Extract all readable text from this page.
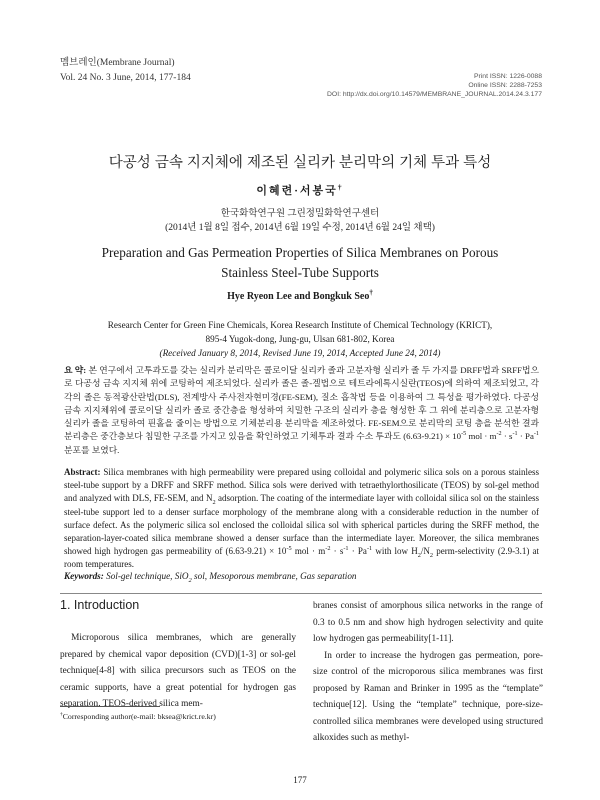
멤브레인(Membrane Journal)
Vol. 24 No. 3 June, 2014, 177-184	Print ISSN: 1226-0088
Online ISSN: 2288-7253
DOI: http://dx.doi.org/10.14579/MEMBRANE_JOURNAL.2014.24.3.177
다공성 금속 지지체에 제조된 실리카 분리막의 기체 투과 특성
이혜련·서봉국†
한국화학연구원 그린정밀화학연구센터
(2014년 1월 8일 접수, 2014년 6월 19일 수정, 2014년 6월 24일 채택)
Preparation and Gas Permeation Properties of Silica Membranes on Porous Stainless Steel-Tube Supports
Hye Ryeon Lee and Bongkuk Seo†
Research Center for Green Fine Chemicals, Korea Research Institute of Chemical Technology (KRICT),
895-4 Yugok-dong, Jung-gu, Ulsan 681-802, Korea
(Received January 8, 2014, Revised June 19, 2014, Accepted June 24, 2014)
요 약: 본 연구에서 고투과도를 갖는 실리카 분리막은 콜로이달 실리카 졸과 고분자형 실리카 졸 두 가지를 DRFF법과 SRFF법으로 다공성 금속 지지체 위에 코팅하여 제조되었다. 실리카 졸은 졸-겔법으로 테트라에톡시실란(TEOS)에 의하여 제조되었고, 각각의 졸은 동적광산란법(DLS), 전계방사 주사전자현미경(FE-SEM), 질소 흡착법 등을 이용하여 그 특성을 평가하였다. 다공성 금속 지지체위에 콜로이달 실리카 졸로 중간층을 형성하여 치밀한 구조의 실리카 층을 형성한 후 그 위에 분리층으로 고분자형 실리카 졸을 코팅하여 핀홀을 줄이는 방법으로 기체분리용 분리막을 제조하였다. FE-SEM으로 분리막의 코팅 층을 분석한 결과 분리층은 중간층보다 침밀한 구조를 가지고 있음을 확인하였고 기체투과 결과 수소 투과도 $(6.63-9.21) \times 10^{-5}$ mol · $m^{-2} \cdot s^{-1} \cdot Pa^{-1}$ 분포를 보였다.
Abstract: Silica membranes with high permeability were prepared using colloidal and polymeric silica sols on a porous stainless steel-tube support by a DRFF and SRFF method. Silica sols were derived with tetraethylorthosilicate (TEOS) by sol-gel method and analyzed with DLS, FE-SEM, and $N_2$ adsorption. The coating of the intermediate layer with colloidal silica sol on the stainless steel-tube support led to a denser surface morphology of the membrane along with a considerable reduction in the number of surface defect. As the polymeric silica sol enclosed the colloidal silica sol with spherical particles during the SRFF method, the separation-layer-coated silica membrane showed a denser surface than the intermediate layer. Moreover, the silica membranes showed high hydrogen gas permeability of $(6.63-9.21) \times 10^{-5}$ mol · $m^{-2} \cdot s^{-1} \cdot Pa^{-1}$ with low $H_2/N_2$ perm-selectivity (2.9-3.1) at room temperatures.
Keywords: Sol-gel technique, SiO$_2$ sol, Mesoporous membrane, Gas separation
1. Introduction
Microporous silica membranes, which are generally prepared by chemical vapor deposition (CVD)[1-3] or sol-gel technique[4-8] with silica precursors such as TEOS on the ceramic supports, have a great potential for hydrogen gas separation. TEOS-derived silica mem-
branes consist of amorphous silica networks in the range of 0.3 to 0.5 nm and show high hydrogen selectivity and quite low hydrogen gas permeability[1-11].
In order to increase the hydrogen gas permeation, pore-size control of the microporous silica membranes was first proposed by Raman and Brinker in 1995 as the “template” technique[12]. Using the “template” technique, pore-size-controlled silica membranes were developed using structured alkoxides such as methyl-
†Corresponding author(e-mail: bksea@krict.re.kr)
177
